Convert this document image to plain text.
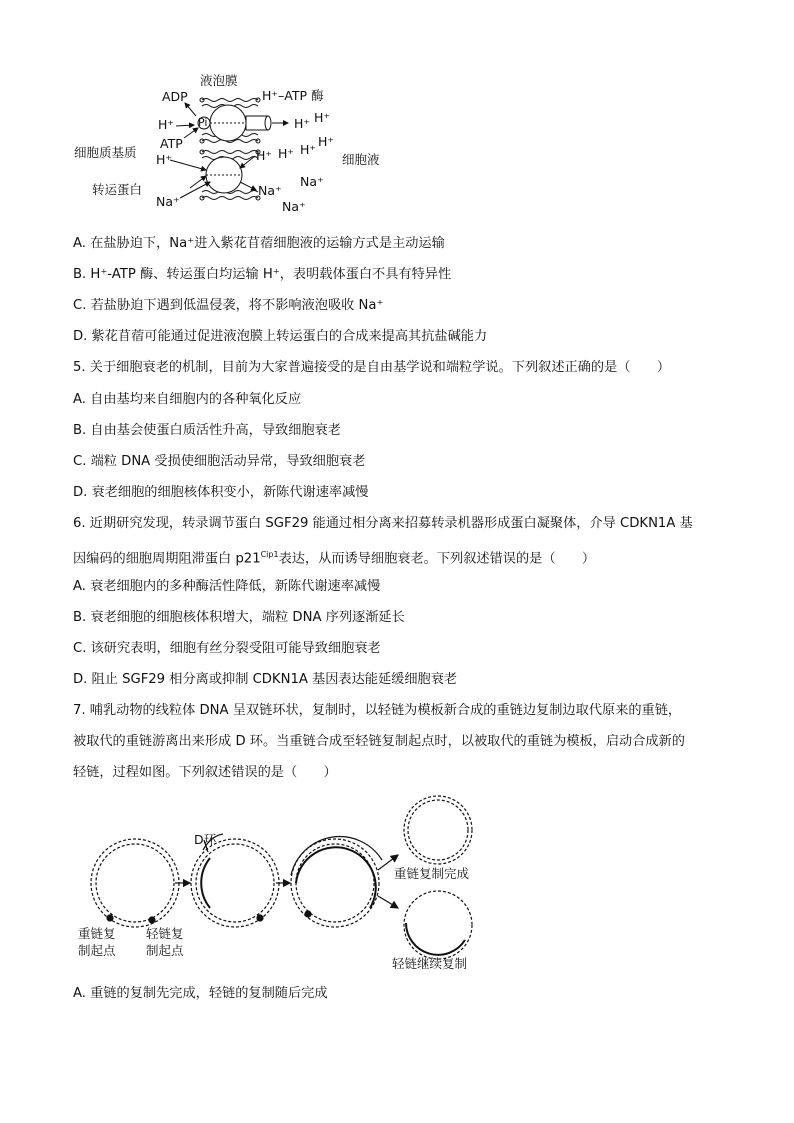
液泡膜
ADP	H⁺–ATP 酶
H⁺ Pi	H⁺ H⁺
ATP
H⁺
H⁺
H⁺
H⁺
H⁺
细胞质基质	细胞液
转运蛋白
Na⁺
Na⁺
Na⁺	Na⁺
A. 在盐胁迫下，Na⁺进入紫花苜蓿细胞液的运输方式是主动运输
B. H⁺-ATP 酶、转运蛋白均运输 H⁺，表明载体蛋白不具有特异性
C. 若盐胁迫下遇到低温侵袭，将不影响液泡吸收 Na⁺
D. 紫花苜蓿可能通过促进液泡膜上转运蛋白的合成来提高其抗盐碱能力
5. 关于细胞衰老的机制，目前为大家普遍接受的是自由基学说和端粒学说。下列叙述正确的是（　　）
A. 自由基均来自细胞内的各种氧化反应
B. 自由基会使蛋白质活性升高，导致细胞衰老
C. 端粒 DNA 受损使细胞活动异常，导致细胞衰老
D. 衰老细胞的细胞核体积变小，新陈代谢速率减慢
6. 近期研究发现，转录调节蛋白 SGF29 能通过相分离来招募转录机器形成蛋白凝聚体，介导 CDKN1A 基
因编码的细胞周期阻滞蛋白 $p21^{Cip1}$表达，从而诱导细胞衰老。下列叙述错误的是（　　）
A. 衰老细胞内的多种酶活性降低，新陈代谢速率减慢
B. 衰老细胞的细胞核体积增大，端粒 DNA 序列逐渐延长
C. 该研究表明，细胞有丝分裂受阻可能导致细胞衰老
D. 阻止 SGF29 相分离或抑制 CDKN1A 基因表达能延缓细胞衰老
7. 哺乳动物的线粒体 DNA 呈双链环状，复制时，以轻链为模板新合成的重链边复制边取代原来的重链，
被取代的重链游离出来形成 D 环。当重链合成至轻链复制起点时，以被取代的重链为模板，启动合成新的
轻链，过程如图。下列叙述错误的是（　　）
D环
重链复
制起点
轻链复
制起点
重链复制完成
轻链继续复制
A. 重链的复制先完成，轻链的复制随后完成
